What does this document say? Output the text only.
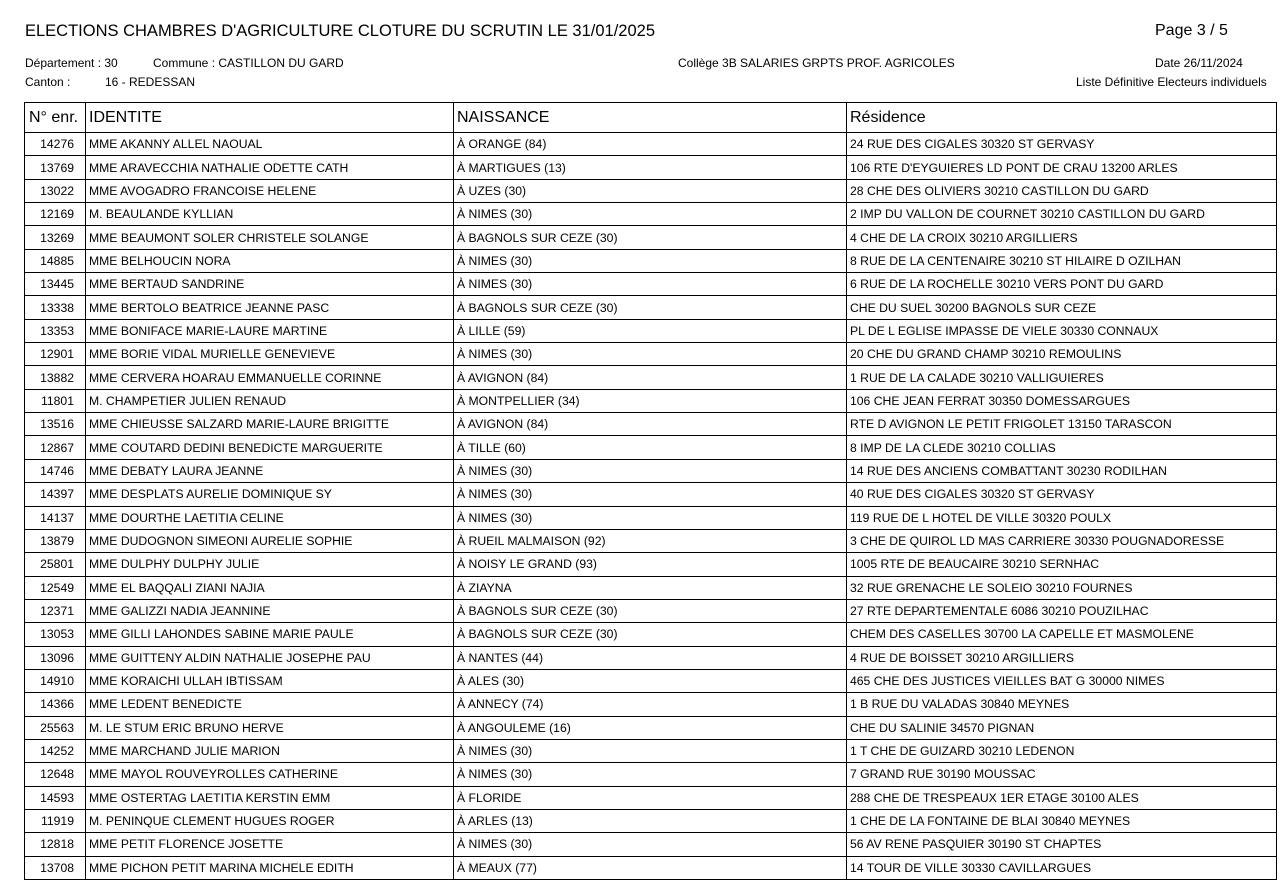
ELECTIONS CHAMBRES D'AGRICULTURE CLOTURE DU SCRUTIN LE 31/01/2025	Page 3 / 5
Département : 30	Commune : CASTILLON DU GARD	Collège 3B SALARIES GRPTS PROF. AGRICOLES	Date 26/11/2024
Canton :	16 - REDESSAN	Liste Définitive Electeurs individuels
N° enr.	IDENTITE	NAISSANCE	Résidence
14276	MME AKANNY ALLEL NAOUAL	À ORANGE (84)	24 RUE DES CIGALES 30320 ST GERVASY
13769	MME ARAVECCHIA NATHALIE ODETTE CATH	À MARTIGUES (13)	106 RTE D'EYGUIERES LD PONT DE CRAU 13200 ARLES
13022	MME AVOGADRO FRANCOISE HELENE	À UZES (30)	28 CHE DES OLIVIERS 30210 CASTILLON DU GARD
12169	M. BEAULANDE KYLLIAN	À NIMES (30)	2 IMP DU VALLON DE COURNET 30210 CASTILLON DU GARD
13269	MME BEAUMONT SOLER CHRISTELE SOLANGE	À BAGNOLS SUR CEZE (30)	4 CHE DE LA CROIX 30210 ARGILLIERS
14885	MME BELHOUCIN NORA	À NIMES (30)	8 RUE DE LA CENTENAIRE 30210 ST HILAIRE D OZILHAN
13445	MME BERTAUD SANDRINE	À NIMES (30)	6 RUE DE LA ROCHELLE 30210 VERS PONT DU GARD
13338	MME BERTOLO BEATRICE JEANNE PASC	À BAGNOLS SUR CEZE (30)	CHE DU SUEL 30200 BAGNOLS SUR CEZE
13353	MME BONIFACE MARIE-LAURE MARTINE	À LILLE (59)	PL DE L EGLISE IMPASSE DE VIELE 30330 CONNAUX
12901	MME BORIE VIDAL MURIELLE GENEVIEVE	À NIMES (30)	20 CHE DU GRAND CHAMP 30210 REMOULINS
13882	MME CERVERA HOARAU EMMANUELLE CORINNE	À AVIGNON (84)	1 RUE DE LA CALADE 30210 VALLIGUIERES
11801	M. CHAMPETIER JULIEN RENAUD	À MONTPELLIER (34)	106 CHE JEAN FERRAT 30350 DOMESSARGUES
13516	MME CHIEUSSE SALZARD MARIE-LAURE BRIGITTE	À AVIGNON (84)	RTE D AVIGNON LE PETIT FRIGOLET 13150 TARASCON
12867	MME COUTARD DEDINI BENEDICTE MARGUERITE	À TILLE (60)	8 IMP DE LA CLEDE 30210 COLLIAS
14746	MME DEBATY LAURA JEANNE	À NIMES (30)	14 RUE DES ANCIENS COMBATTANT 30230 RODILHAN
14397	MME DESPLATS AURELIE DOMINIQUE SY	À NIMES (30)	40 RUE DES CIGALES 30320 ST GERVASY
14137	MME DOURTHE LAETITIA CELINE	À NIMES (30)	119 RUE DE L HOTEL DE VILLE 30320 POULX
13879	MME DUDOGNON SIMEONI AURELIE SOPHIE	À RUEIL MALMAISON (92)	3 CHE DE QUIROL LD MAS CARRIERE 30330 POUGNADORESSE
25801	MME DULPHY DULPHY JULIE	À NOISY LE GRAND (93)	1005 RTE DE BEAUCAIRE 30210 SERNHAC
12549	MME EL BAQQALI ZIANI NAJIA	À ZIAYNA	32 RUE GRENACHE LE SOLEIO 30210 FOURNES
12371	MME GALIZZI NADIA JEANNINE	À BAGNOLS SUR CEZE (30)	27 RTE DEPARTEMENTALE 6086 30210 POUZILHAC
13053	MME GILLI LAHONDES SABINE MARIE PAULE	À BAGNOLS SUR CEZE (30)	CHEM DES CASELLES 30700 LA CAPELLE ET MASMOLENE
13096	MME GUITTENY ALDIN NATHALIE JOSEPHE PAU	À NANTES (44)	4 RUE DE BOISSET 30210 ARGILLIERS
14910	MME KORAICHI ULLAH IBTISSAM	À ALES (30)	465 CHE DES JUSTICES VIEILLES BAT G 30000 NIMES
14366	MME LEDENT BENEDICTE	À ANNECY (74)	1 B RUE DU VALADAS 30840 MEYNES
25563	M. LE STUM ERIC BRUNO HERVE	À ANGOULEME (16)	CHE DU SALINIE 34570 PIGNAN
14252	MME MARCHAND JULIE MARION	À NIMES (30)	1 T CHE DE GUIZARD 30210 LEDENON
12648	MME MAYOL ROUVEYROLLES CATHERINE	À NIMES (30)	7 GRAND RUE 30190 MOUSSAC
14593	MME OSTERTAG LAETITIA KERSTIN EMM	À FLORIDE	288 CHE DE TRESPEAUX 1ER ETAGE 30100 ALES
11919	M. PENINQUE CLEMENT HUGUES ROGER	À ARLES (13)	1 CHE DE LA FONTAINE DE BLAI 30840 MEYNES
12818	MME PETIT FLORENCE JOSETTE	À NIMES (30)	56 AV RENE PASQUIER 30190 ST CHAPTES
13708	MME PICHON PETIT MARINA MICHELE EDITH	À MEAUX (77)	14 TOUR DE VILLE 30330 CAVILLARGUES
